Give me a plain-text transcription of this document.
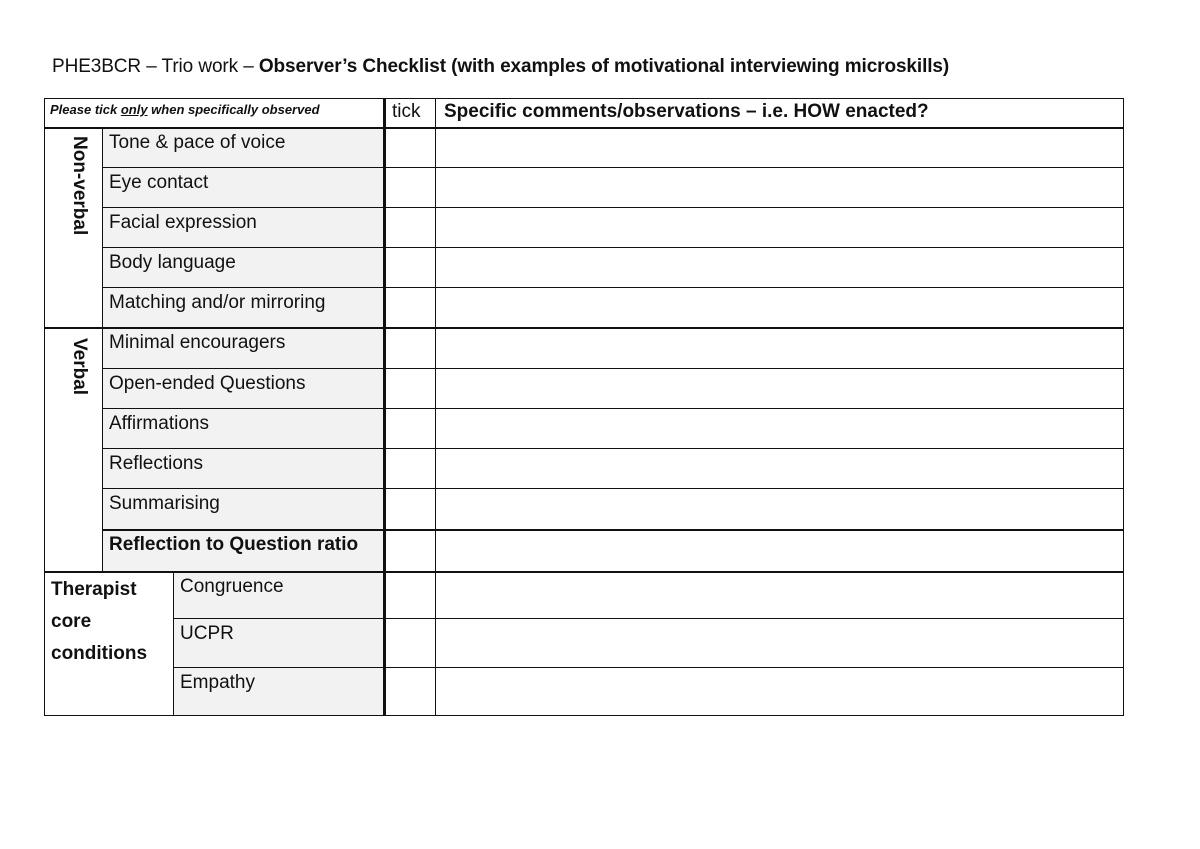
PHE3BCR – Trio work – Observer’s Checklist (with examples of motivational interviewing microskills)
Please tick only when specifically observed	tick	Specific comments/observations – i.e. HOW enacted?
Non-verbal
Verbal
Tone & pace of voice
Eye contact
Facial expression
Body language
Matching and/or mirroring
Minimal encouragers
Open-ended Questions
Affirmations
Reflections
Summarising
Reflection to Question ratio
Therapist
core
conditions
Congruence
UCPR
Empathy
